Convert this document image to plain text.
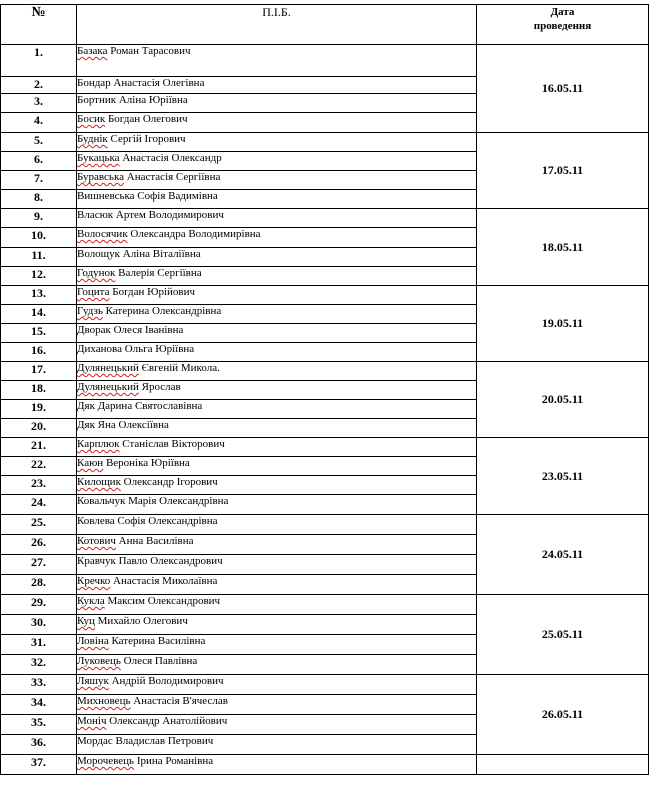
№	П.І.Б.	Дата
проведення

1.	Базака Роман Тарасович	16.05.11
2.	Бондар Анастасія Олегівна	
3.	Бортник Аліна Юріївна	
4.	Босик Богдан Олегович	
5.	Буднік Сергій Ігорович	17.05.11
6.	Букацька Анастасія Олександр	
7.	Буравська Анастасія Сергіївна	
8.	Вишневська Софія Вадимівна	
9.	Власюк Артем Володимирович	18.05.11
10.	Волосячик Олександра Володимирівна	
11.	Волощук Аліна Віталіївна	
12.	Годунок Валерія Сергіївна	
13.	Гоцита Богдан Юрійович	19.05.11
14.	Гудзь Катерина Олександрівна	
15.	Дворак Олеся Іванівна	
16.	Диханова Ольга Юріївна	
17.	Дулянецький Євгеній Микола.	20.05.11
18.	Дулянецький Ярослав	
19.	Дяк Дарина Святославівна	
20.	Дяк Яна Олексіївна	
21.	Карплюк Станіслав Вікторович	23.05.11
22.	Каюн Вероніка Юріївна	
23.	Килощик Олександр Ігорович	
24.	Ковальчук Марія Олександрівна	
25.	Ковлева Софія Олександрівна	24.05.11
26.	Котович Анна Василівна	
27.	Кравчук Павло Олександрович	
28.	Кречко Анастасія Миколаївна	
29.	Кукла Максим Олександрович	25.05.11
30.	Куц Михайло Олегович	
31.	Ловіна Катерина Василівна	
32.	Луковець Олеся Павлівна	
33.	Ляшук Андрій Володимирович	26.05.11
34.	Михновець Анастасія В'ячеслав	
35.	Моніч Олександр Анатолійович	
36.	Мордас Владислав Петрович	
37.	Морочевець Ірина Романівна	
